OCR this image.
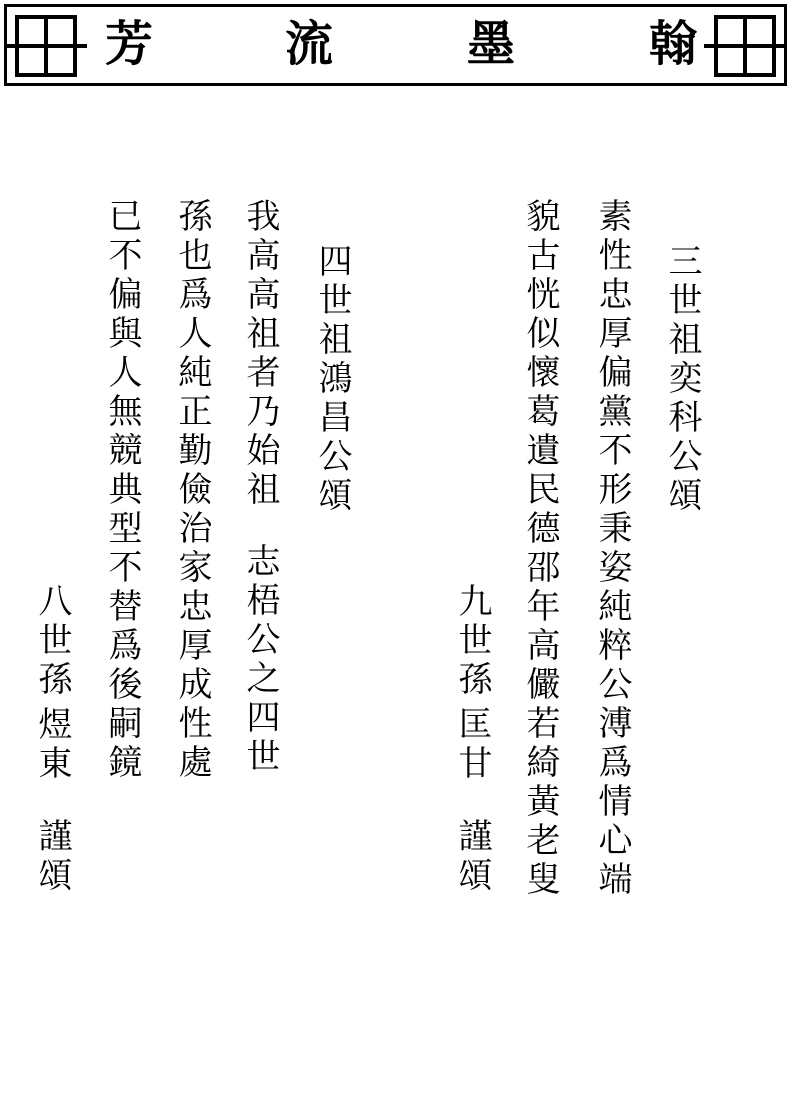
芳	流	墨	翰
三世祖奕科公頌
素性忠厚偏黨不形秉姿純粹公溥爲情心端
貌古恍似懷葛遺民德邵年高儼若綺黃老叟
九世孫
匡甘
謹頌
四世祖鴻昌公頌
我高高祖者乃始祖
志梧公之四世
孫也爲人純正勤儉治家忠厚成性處
已不偏與人無競典型不替爲後嗣鏡
八世孫
煜東
謹頌
